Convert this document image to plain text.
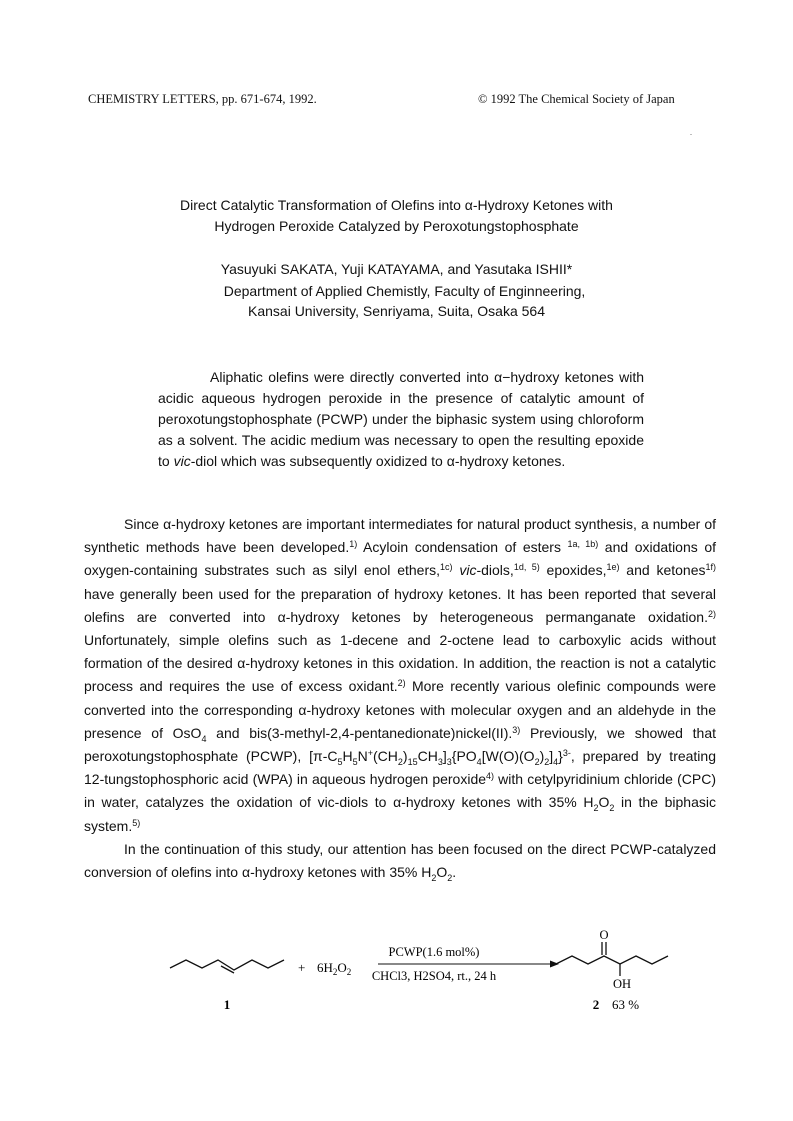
CHEMISTRY LETTERS, pp. 671-674, 1992.	© 1992 The Chemical Society of Japan
.
Direct Catalytic Transformation of Olefins into α-Hydroxy Ketones with
Hydrogen Peroxide Catalyzed by Peroxotungstophosphate
Yasuyuki SAKATA, Yuji KATAYAMA, and Yasutaka ISHII*
Department of Applied Chemistly, Faculty of Enginneering,
Kansai University, Senriyama, Suita, Osaka 564
Aliphatic olefins were directly converted into α−hydroxy ketones with acidic aqueous hydrogen peroxide in the presence of catalytic amount of peroxotungstophosphate (PCWP) under the biphasic system using chloroform as a solvent. The acidic medium was necessary to open the resulting epoxide to vic-diol which was subsequently oxidized to α-hydroxy ketones.

Since α-hydroxy ketones are important intermediates for natural product synthesis, a number of synthetic methods have been developed.$^{1)}$ Acyloin condensation of esters $^{1a, 1b)}$ and oxidations of oxygen-containing substrates such as silyl enol ethers,$^{1c)}$ vic-diols,$^{1d, 5)}$ epoxides,$^{1e)}$ and ketones$^{1f)}$ have generally been used for the preparation of hydroxy ketones. It has been reported that several olefins are converted into α-hydroxy ketones by heterogeneous permanganate oxidation.$^{2)}$ Unfortunately, simple olefins such as 1-decene and 2-octene lead to carboxylic acids without formation of the desired α-hydroxy ketones in this oxidation. In addition, the reaction is not a catalytic process and requires the use of excess oxidant.$^{2)}$ More recently various olefinic compounds were converted into the corresponding α-hydroxy ketones with molecular oxygen and an aldehyde in the presence of OsO$_4$ and bis(3-methyl-2,4-pentanedionate)nickel(II).$^{3)}$ Previously, we showed that peroxotungstophosphate (PCWP), $[\pi-C_5H_5N^+(CH_2)_{15}CH_3]_3\{PO_4[W(O)(O_2)_2]_4\}^{3-}$, prepared by treating 12-tungstophosphoric acid (WPA) in aqueous hydrogen peroxide$^{4)}$ with cetylpyridinium chloride (CPC) in water, catalyzes the oxidation of vic-diols to α-hydroxy ketones with 35% $H_2O_2$ in the biphasic system.$^{5)}$

In the continuation of this study, our attention has been focused on the direct PCWP-catalyzed conversion of olefins into α-hydroxy ketones with 35% $H_2O_2$.

+ $6H_2O_2$
PCWP(1.6 mol%)
CHCl3, H2SO4, rt., 24 h
O
OH
1	2 63 %
